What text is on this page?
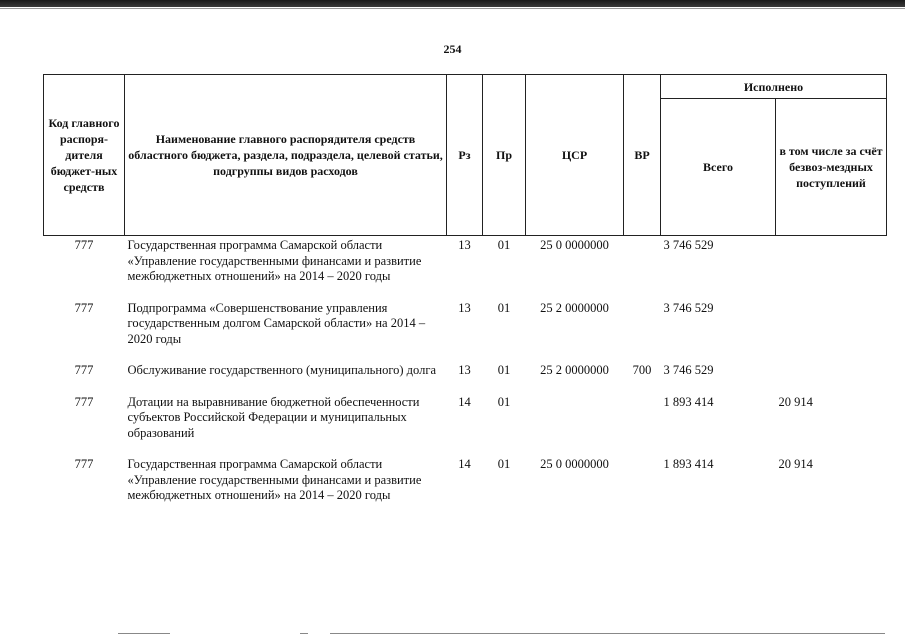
254
Код главного распоря-дителя бюджет-ных средств	Наименование главного распорядителя средств областного бюджета, раздела, подраздела, целевой статьи, подгруппы видов расходов	Рз	Пр	ЦСР	ВР	Исполнено	
						Всего	в том числе за счёт безвоз-мездных поступлений
777	Государственная программа Самарской области «Управление государственными финансами и развитие межбюджетных отношений» на 2014 – 2020 годы	13	01	25 0 0000000		3 746 529	
777	Подпрограмма «Совершенствование управления государственным долгом Самарской области» на 2014 – 2020 годы	13	01	25 2 0000000		3 746 529	
777	Обслуживание государственного (муниципального) долга	13	01	25 2 0000000	700	3 746 529	
777	Дотации на выравнивание бюджетной обеспеченности субъектов Российской Федерации и муниципальных образований	14	01			1 893 414	20 914
777	Государственная программа Самарской области «Управление государственными финансами и развитие межбюджетных отношений» на 2014 – 2020 годы	14	01	25 0 0000000		1 893 414	20 914
